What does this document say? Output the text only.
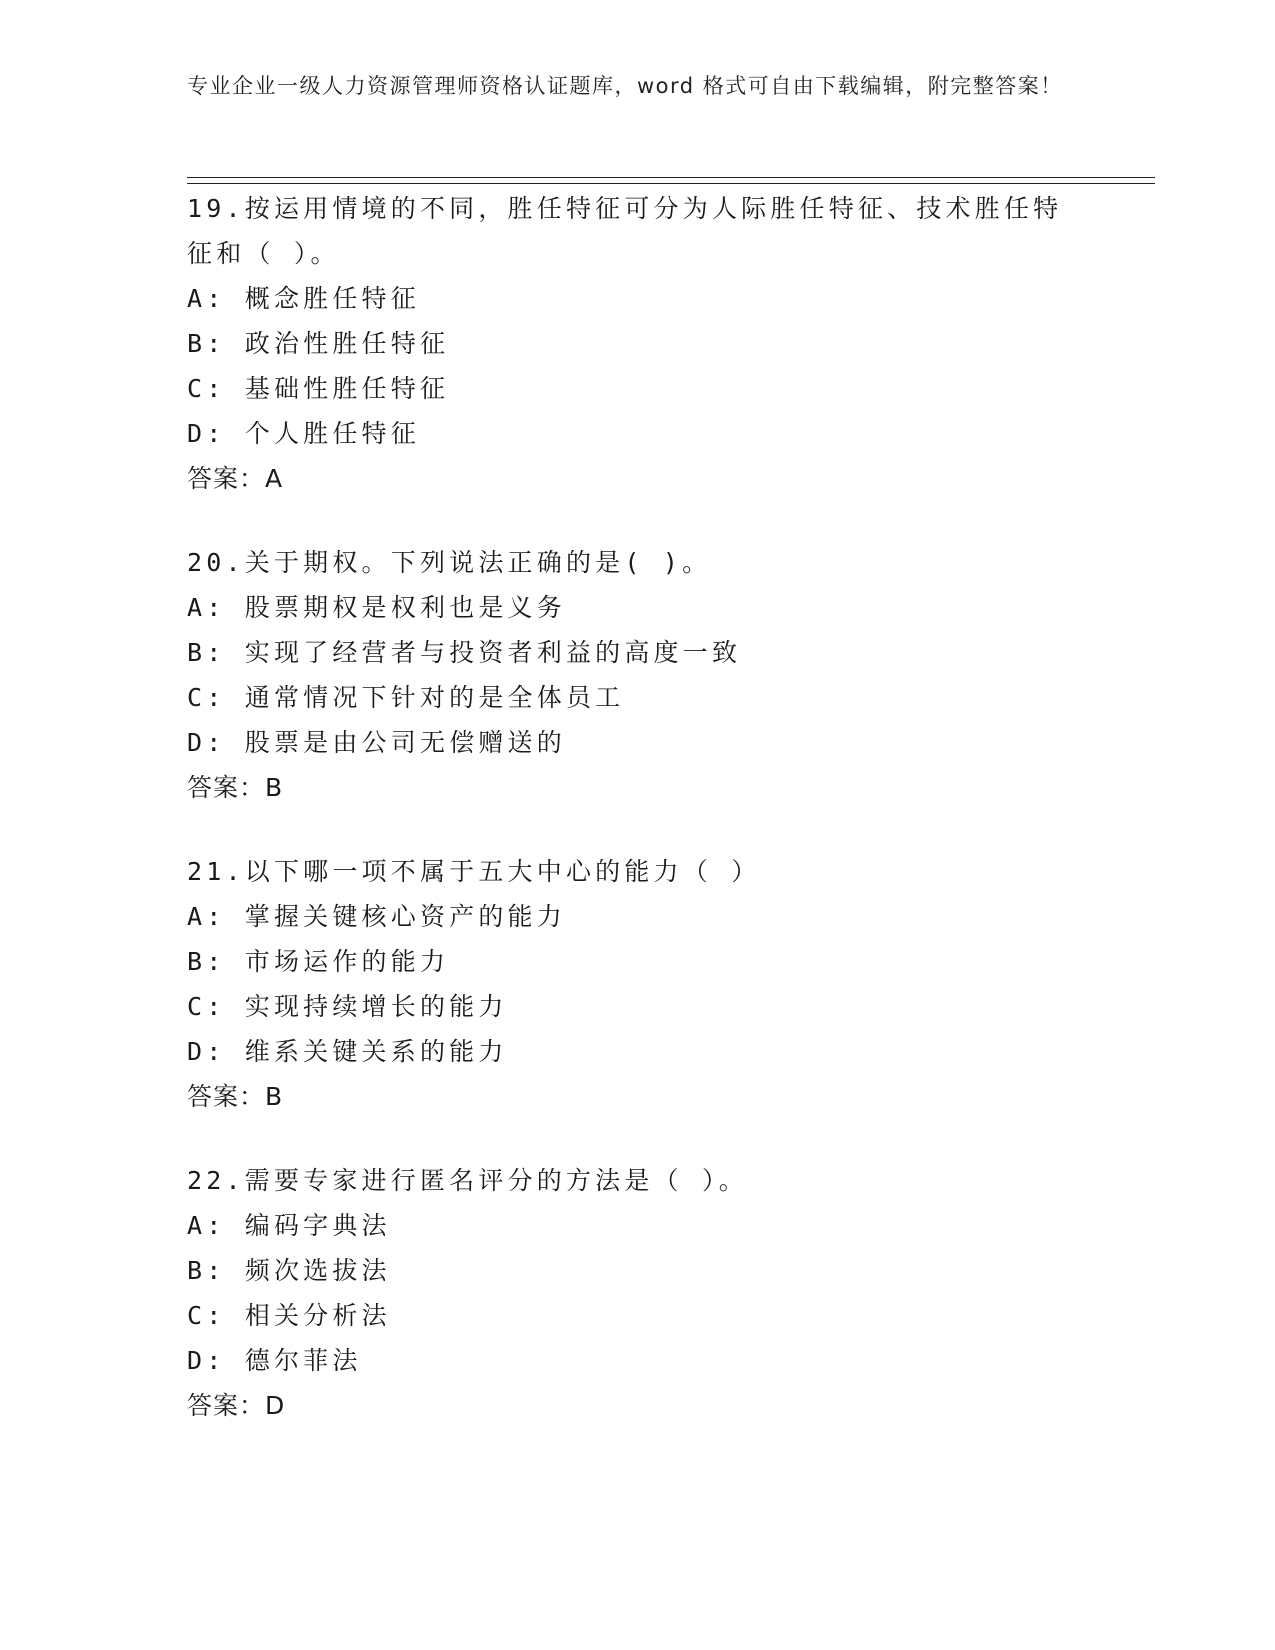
专业企业一级人力资源管理师资格认证题库，word 格式可自由下载编辑，附完整答案！
19.按运用情境的不同，胜任特征可分为人际胜任特征、技术胜任特征和（ ）。
A: 概念胜任特征
B: 政治性胜任特征
C: 基础性胜任特征
D: 个人胜任特征
答案：A
20.关于期权。下列说法正确的是( )。
A: 股票期权是权利也是义务
B: 实现了经营者与投资者利益的高度一致
C: 通常情况下针对的是全体员工
D: 股票是由公司无偿赠送的
答案：B
21.以下哪一项不属于五大中心的能力（ ）
A: 掌握关键核心资产的能力
B: 市场运作的能力
C: 实现持续增长的能力
D: 维系关键关系的能力
答案：B
22.需要专家进行匿名评分的方法是（ ）。
A: 编码字典法
B: 频次选拔法
C: 相关分析法
D: 德尔菲法
答案：D
